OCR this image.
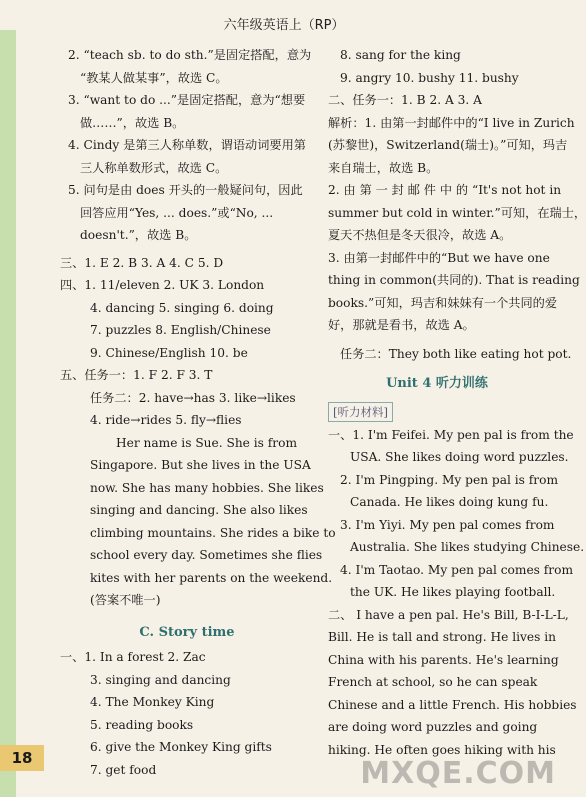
六年级英语上（RP）
2. “teach sb. to do sth.”是固定搭配，意为
“教某人做某事”，故选 C。
3. “want to do ...”是固定搭配，意为“想要
做……”，故选 B。
4. Cindy 是第三人称单数，谓语动词要用第
三人称单数形式，故选 C。
5. 问句是由 does 开头的一般疑问句，因此
回答应用“Yes, ... does.”或“No, ...
doesn't.”，故选 B。
三、1. E 2. B 3. A 4. C 5. D
四、1. 11/eleven 2. UK 3. London
4. dancing 5. singing 6. doing
7. puzzles 8. English/Chinese
9. Chinese/English 10. be
五、任务一：1. F 2. F 3. T
任务二：2. have→has 3. like→likes
4. ride→rides 5. fly→flies
Her name is Sue. She is from
Singapore. But she lives in the USA
now. She has many hobbies. She likes
singing and dancing. She also likes
climbing mountains. She rides a bike to
school every day. Sometimes she flies
kites with her parents on the weekend.
(答案不唯一)
C. Story time
一、1. In a forest 2. Zac
3. singing and dancing
4. The Monkey King
5. reading books
6. give the Monkey King gifts
7. get food
8. sang for the king
9. angry 10. bushy 11. bushy
二、任务一：1. B 2. A 3. A
解析：1. 由第一封邮件中的“I live in Zurich
(苏黎世)，Switzerland(瑞士)。”可知，玛吉
来自瑞士，故选 B。
2. 由 第 一 封 邮 件 中 的 “It's not hot in
summer but cold in winter.”可知，在瑞士，
夏天不热但是冬天很冷，故选 A。
3. 由第一封邮件中的“But we have one
thing in common(共同的). That is reading
books.”可知，玛吉和妹妹有一个共同的爱
好，那就是看书，故选 A。
任务二：They both like eating hot pot.
Unit 4 听力训练
[听力材料]
一、1. I'm Feifei. My pen pal is from the
USA. She likes doing word puzzles.
2. I'm Pingping. My pen pal is from
Canada. He likes doing kung fu.
3. I'm Yiyi. My pen pal comes from
Australia. She likes studying Chinese.
4. I'm Taotao. My pen pal comes from
the UK. He likes playing football.
二、 I have a pen pal. He's Bill, B-I-L-L,
Bill. He is tall and strong. He lives in
China with his parents. He's learning
French at school, so he can speak
Chinese and a little French. His hobbies
are doing word puzzles and going
hiking. He often goes hiking with his
18	MXQE.COM
